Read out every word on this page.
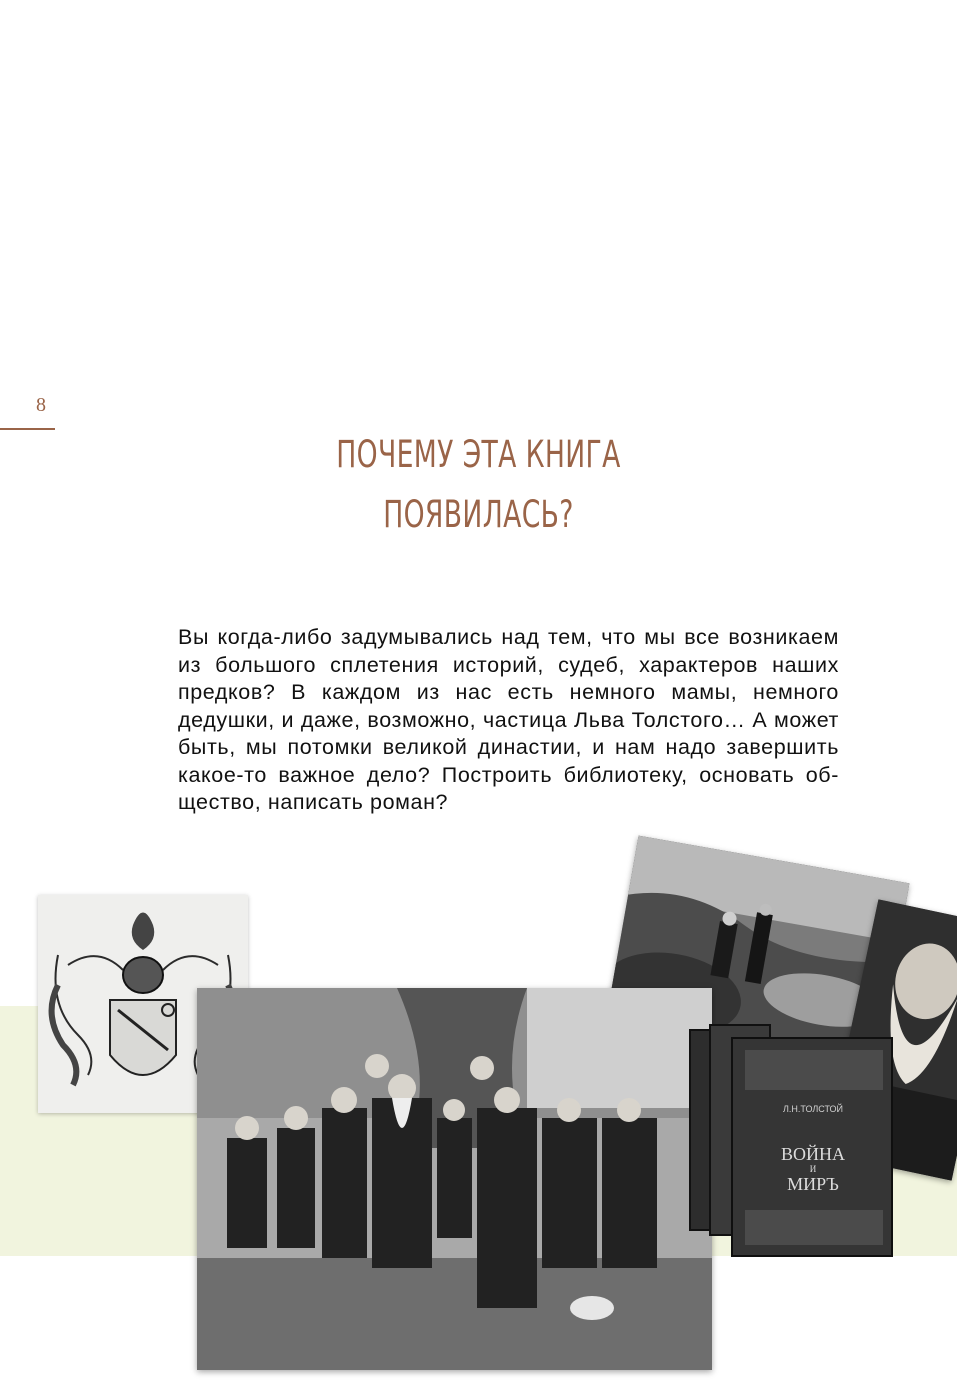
8
ПОЧЕМУ ЭТА КНИГА
ПОЯВИЛАСЬ?
Вы когда-либо задумывались над тем, что мы все возникаем из большого сплетения историй, судеб, характеров наших предков? В каждом из нас есть немного мамы, немного дедушки, и даже, возможно, частица Льва Толстого… А может быть, мы потомки великой династии, и нам надо завершить какое-то важное дело? Построить библиотеку, основать об- щество, написать роман?
Л.Н.ТОЛСТОЙ
ВОЙНА
И
МИРЪ
